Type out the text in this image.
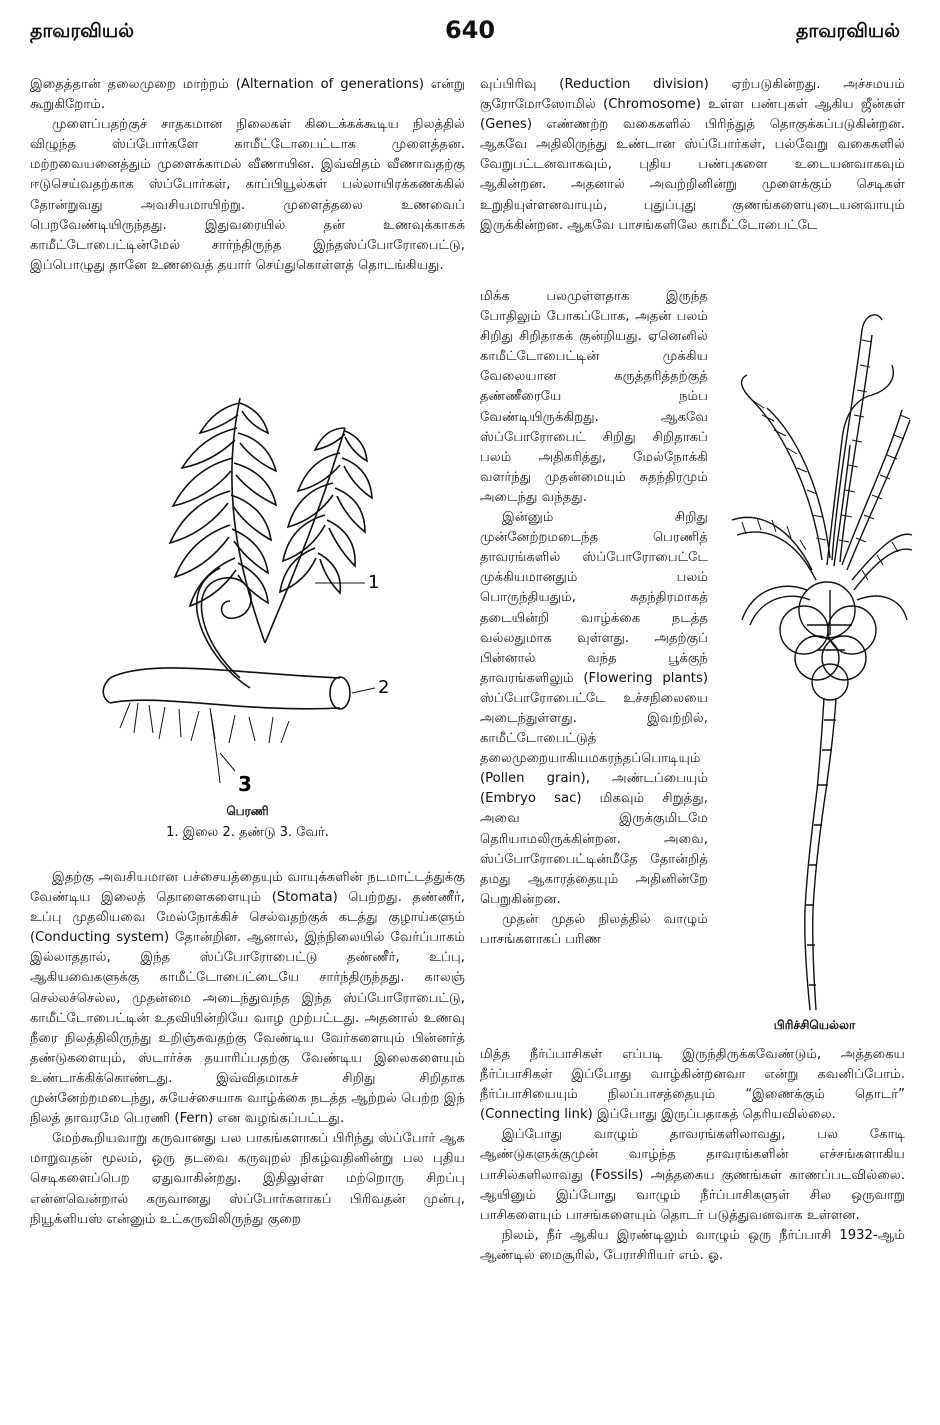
தாவரவியல்	640	தாவரவியல்

இதைத்தான் தலைமுறை மாற்றம் (Alternation of generations) என்று கூறுகிறோம்.

முளைப்பதற்குச் சாதகமான நிலைகள் கிடைக்கக்கூடிய நிலத்தில் விழுந்த ஸ்ப்போர்களே காமீட்டோபைட்டாக முளைத்தன. மற்றவையனைத்தும் முளைக்காமல் வீணாயின. இவ்விதம் வீணாவதற்கு ஈடுசெய்வதற்காக ஸ்ப்போர்கள், காப்பியூல்கள் பல்லாயிரக்கணக்கில் தோன்றுவது அவசியமாயிற்று. முளைத்தலை உணவைப் பெறவேண்டியிருந்தது. இதுவரையில் தன் உணவுக்காகக் காமீட்டோபைட்டின்மேல் சார்ந்திருந்த இந்தஸ்ப்போரோபைட்டு, இப்பொழுது தானே உணவைத் தயார் செய்துகொள்ளத் தொடங்கியது.

1
2
3
பெரணி
1. இலை 2. தண்டு 3. வேர்.

இதற்கு அவசியமான பச்சையத்தையும் வாயுக்களின் நடமாட்டத்துக்கு வேண்டிய இலைத் தொளைகளையும் (Stomata) பெற்றது. தண்ணீர், உப்பு முதலியவை மேல்நோக்கிச் செல்வதற்குக் கடத்து குழாய்களும் (Conducting system) தோன்றின. ஆனால், இந்நிலையில் வேர்ப்பாகம் இல்லாததால், இந்த ஸ்ப்போரோபைட்டு தண்ணீர், உப்பு, ஆகியவைகளுக்கு காமீட்டோபைட்டையே சார்ந்திருந்தது. காலஞ் செல்லச்செல்ல, முதன்மை அடைந்துவந்த இந்த ஸ்ப்போரோபைட்டு, காமீட்டோபைட்டின் உதவியின்றியே வாழ முற்பட்டது. அதனால் உணவு நீரை நிலத்திலிருந்து உறிஞ்சுவதற்கு வேண்டிய வேர்களையும் பின்னர்த் தண்டுகளையும், ஸ்டார்ச்சு தயாரிப்பதற்கு வேண்டிய இலைகளையும் உண்டாக்கிக்கொண்டது. இவ்விதமாகச் சிறிது சிறிதாக முன்னேற்றமடைந்து, சுயேச்சையாக வாழ்க்கை நடத்த ஆற்றல் பெற்ற இந் நிலத் தாவரமே பெரணி (Fern) என வழங்கப்பட்டது.

மேற்கூறியவாறு கருவானது பல பாகங்களாகப் பிரிந்து ஸ்ப்போர் ஆக மாறுவதன் மூலம், ஒரு தடவை கருவுறல் நிகழ்வதினின்று பல புதிய செடிகளைப்பெற ஏதுவாகின்றது. இதிலுள்ள மற்றொரு சிறப்பு என்னவென்றால் கருவானது ஸ்ப்போர்களாகப் பிரிவதன் முன்பு, நியூக்ளியஸ் என்னும் உட்கருவிலிருந்து குறை

வுப்பிரிவு (Reduction division) ஏற்படுகின்றது. அச்சமயம் குரோமோஸோமில் (Chromosome) உள்ள பண்புகள் ஆகிய ஜீன்கள் (Genes) எண்ணற்ற வகைகளில் பிரிந்துத் தொகுக்கப்படுகின்றன. ஆகவே அதிலிருந்து உண்டான ஸ்ப்போர்கள், பல்வேறு வகைகளில் வேறுபட்டனவாகவும், புதிய பண்புகளை உடையனவாகவும் ஆகின்றன. அதனால் அவற்றினின்று முளைக்கும் செடிகள் உறுதியுள்ளனவாயும், புதுப்புது குணங்களையுடையனவாயும் இருக்கின்றன. ஆகவே பாசங்களிலே காமீட்டோபைட்டே

மிக்க பலமுள்ளதாக இருந்த போதிலும் போகப்போக, அதன் பலம் சிறிது சிறிதாகக் குன்றியது. ஏனெனில் காமீட்டோபைட்டின் முக்கிய வேலையான கருத்தரித்தற்குத் தண்ணீரையே நம்ப வேண்டியிருக்கிறது. ஆகவே ஸ்ப்போரோபைட் சிறிது சிறிதாகப் பலம் அதிகரித்து, மேல்நோக்கி வளர்ந்து முதன்மையும் சுதந்திரமும் அடைந்து வந்தது.

இன்னும் சிறிது முன்னேற்றமடைந்த பெரணித் தாவரங்களில் ஸ்ப்போரோபைட்டே முக்கியமானதும் பலம் பொருந்தியதும், சுதந்திரமாகத் தடையின்றி வாழ்க்கை நடத்த வல்லதுமாக வுள்ளது. அதற்குப் பின்னால் வந்த பூக்குந் தாவரங்களிலும் (Flowering plants) ஸ்ப்போரோபைட்டே உச்சநிலையை அடைந்துள்ளது. இவற்றில், காமீட்டோபைட்டுத் தலைமுறையாகியமகரந்தப்பொடியும் (Pollen grain), அண்டப்பையும் (Embryo sac) மிகவும் சிறுத்து, அவை இருக்குமிடமே தெரியாமலிருக்கின்றன. அவை, ஸ்ப்போரோபைட்டின்மீதே தோன்றித் தமது ஆகாரத்தையும் அதினின்றே பெறுகின்றன.

முதன் முதல் நிலத்தில் வாழும் பாசங்களாகப் பரிண

பிரிச்சியெல்லா

மித்த நீர்ப்பாசிகள் எப்படி இருந்திருக்கவேண்டும், அத்தகைய நீர்ப்பாசிகள் இப்போது வாழ்கின்றனவா என்று கவனிப்போம். நீர்ப்பாசியையும் நிலப்பாசத்தையும் “இணைக்கும் தொடர்” (Connecting link) இப்போது இருப்பதாகத் தெரியவில்லை.

இப்போது வாழும் தாவரங்களிலாவது, பல கோடி ஆண்டுகளுக்குமுன் வாழ்ந்த தாவரங்களின் எச்சங்களாகிய பாசில்களிலாவது (Fossils) அத்தகைய குணங்கள் காணப்படவில்லை. ஆயினும் இப்போது வாழும் நீர்ப்பாசிகளுள் சில ஒருவாறு பாசிகளையும் பாசங்களையும் தொடர் படுத்துவனவாக உள்ளன.

நிலம், நீர் ஆகிய இரண்டிலும் வாழும் ஒரு நீர்ப்பாசி 1932-ஆம் ஆண்டில் மைசூரில், பேராசிரியர் எம். ஓ.
